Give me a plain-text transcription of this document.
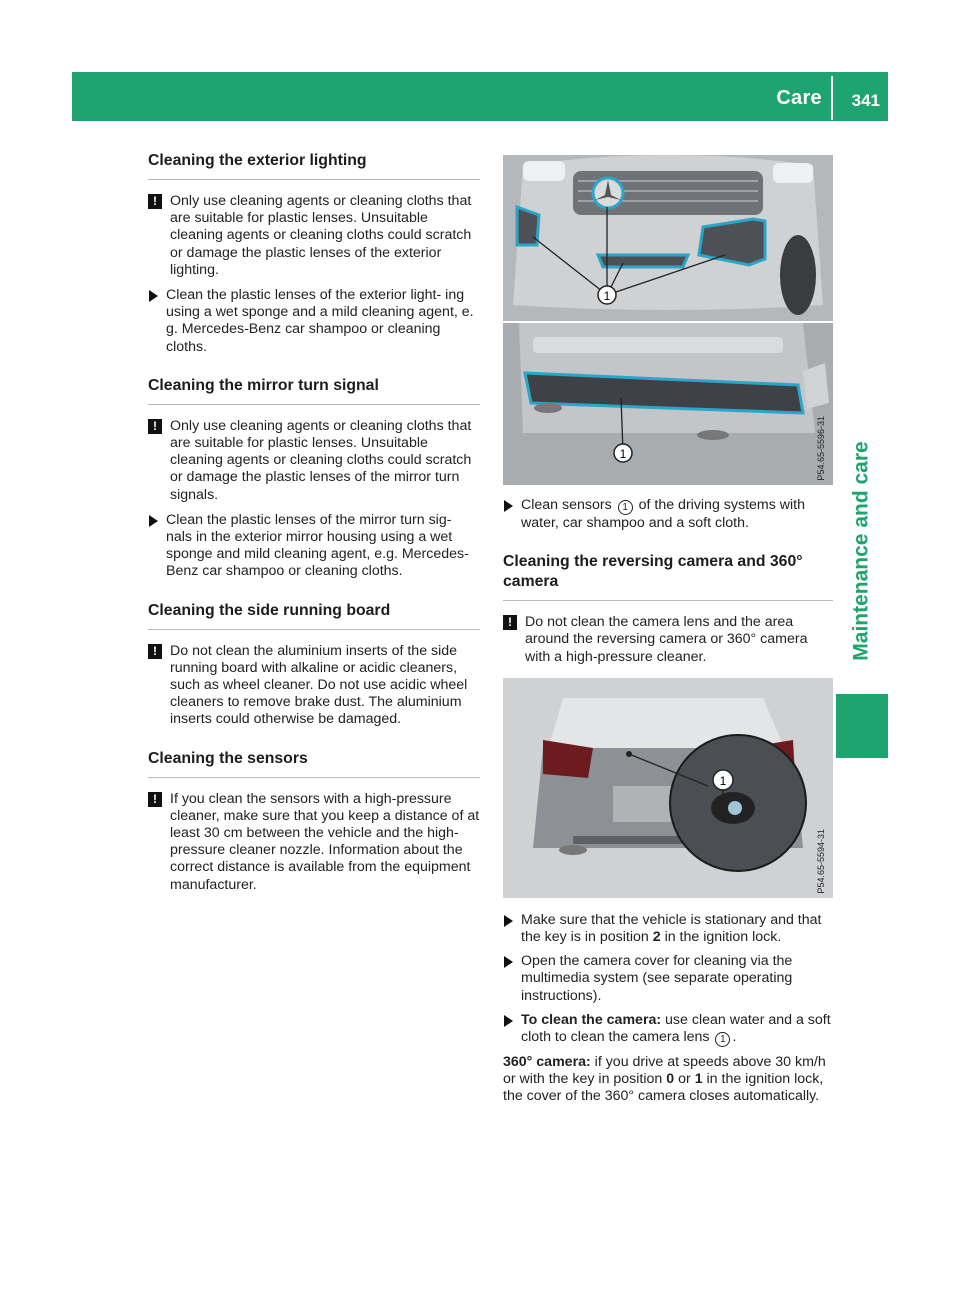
Care 341
Maintenance and care
Cleaning the exterior lighting
! Only use cleaning agents or cleaning cloths that are suitable for plastic lenses. Unsuitable cleaning agents or cleaning cloths could scratch or damage the plastic lenses of the exterior lighting.
Clean the plastic lenses of the exterior light- ing using a wet sponge and a mild cleaning agent, e. g. Mercedes-Benz car shampoo or cleaning cloths.
Cleaning the mirror turn signal
! Only use cleaning agents or cleaning cloths that are suitable for plastic lenses. Unsuitable cleaning agents or cleaning cloths could scratch or damage the plastic lenses of the mirror turn signals.
Clean the plastic lenses of the mirror turn sig- nals in the exterior mirror housing using a wet sponge and mild cleaning agent, e.g. Mercedes-Benz car shampoo or cleaning cloths.
Cleaning the side running board
! Do not clean the aluminium inserts of the side running board with alkaline or acidic cleaners, such as wheel cleaner. Do not use acidic wheel cleaners to remove brake dust. The aluminium inserts could otherwise be damaged.
Cleaning the sensors
! If you clean the sensors with a high-pressure cleaner, make sure that you keep a distance of at least 30 cm between the vehicle and the high-pressure cleaner nozzle. Information about the correct distance is available from the equipment manufacturer.
1
1	P54.65-5596-31
Clean sensors 1 of the driving systems with water, car shampoo and a soft cloth.
Cleaning the reversing camera and 360° camera
! Do not clean the camera lens and the area around the reversing camera or 360° camera with a high-pressure cleaner.
1
P54.65-5594-31
Make sure that the vehicle is stationary and that the key is in position 2 in the ignition lock.
Open the camera cover for cleaning via the multimedia system (see separate operating instructions).
To clean the camera: use clean water and a soft cloth to clean the camera lens 1 .

360° camera: if you drive at speeds above 30 km/h or with the key in position 0 or 1 in the ignition lock, the cover of the 360° camera closes automatically.
